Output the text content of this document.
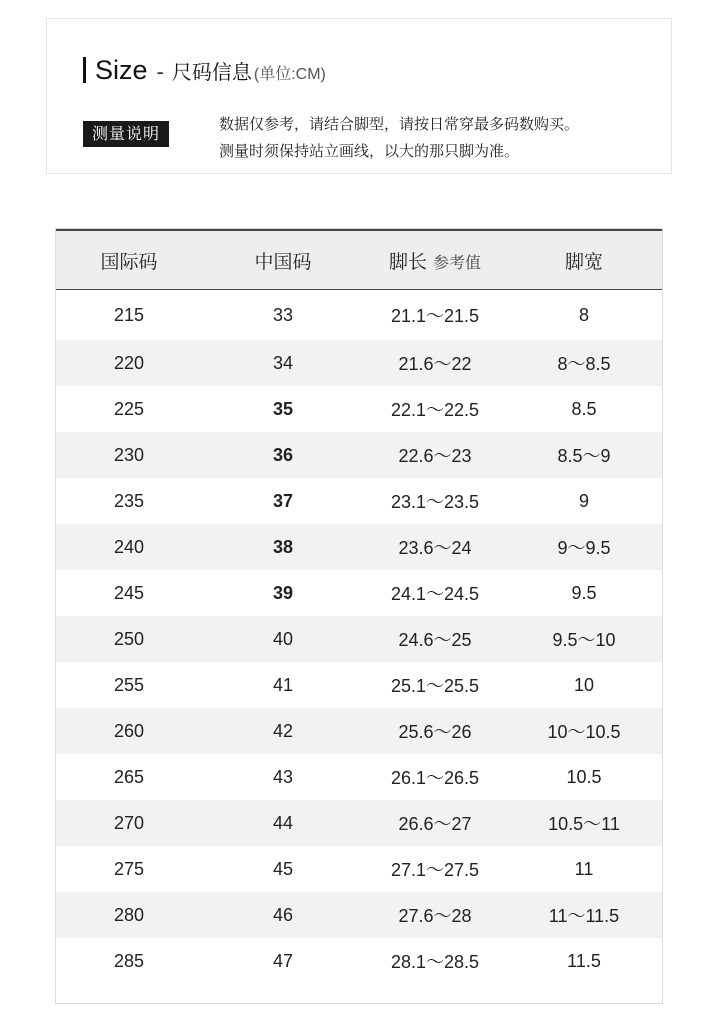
Size - 尺码信息 (单位:CM)
测量说明	数据仅参考，请结合脚型，请按日常穿最多码数购买。
测量时须保持站立画线，以大的那只脚为准。
国际码	中国码	脚长 参考值	脚宽
215	33	21.1～21.5	8
220	34	21.6～22	8～8.5
225	35	22.1～22.5	8.5
230	36	22.6～23	8.5～9
235	37	23.1～23.5	9
240	38	23.6～24	9～9.5
245	39	24.1～24.5	9.5
250	40	24.6～25	9.5～10
255	41	25.1～25.5	10
260	42	25.6～26	10～10.5
265	43	26.1～26.5	10.5
270	44	26.6～27	10.5～11
275	45	27.1～27.5	11
280	46	27.6～28	11～11.5
285	47	28.1～28.5	11.5
